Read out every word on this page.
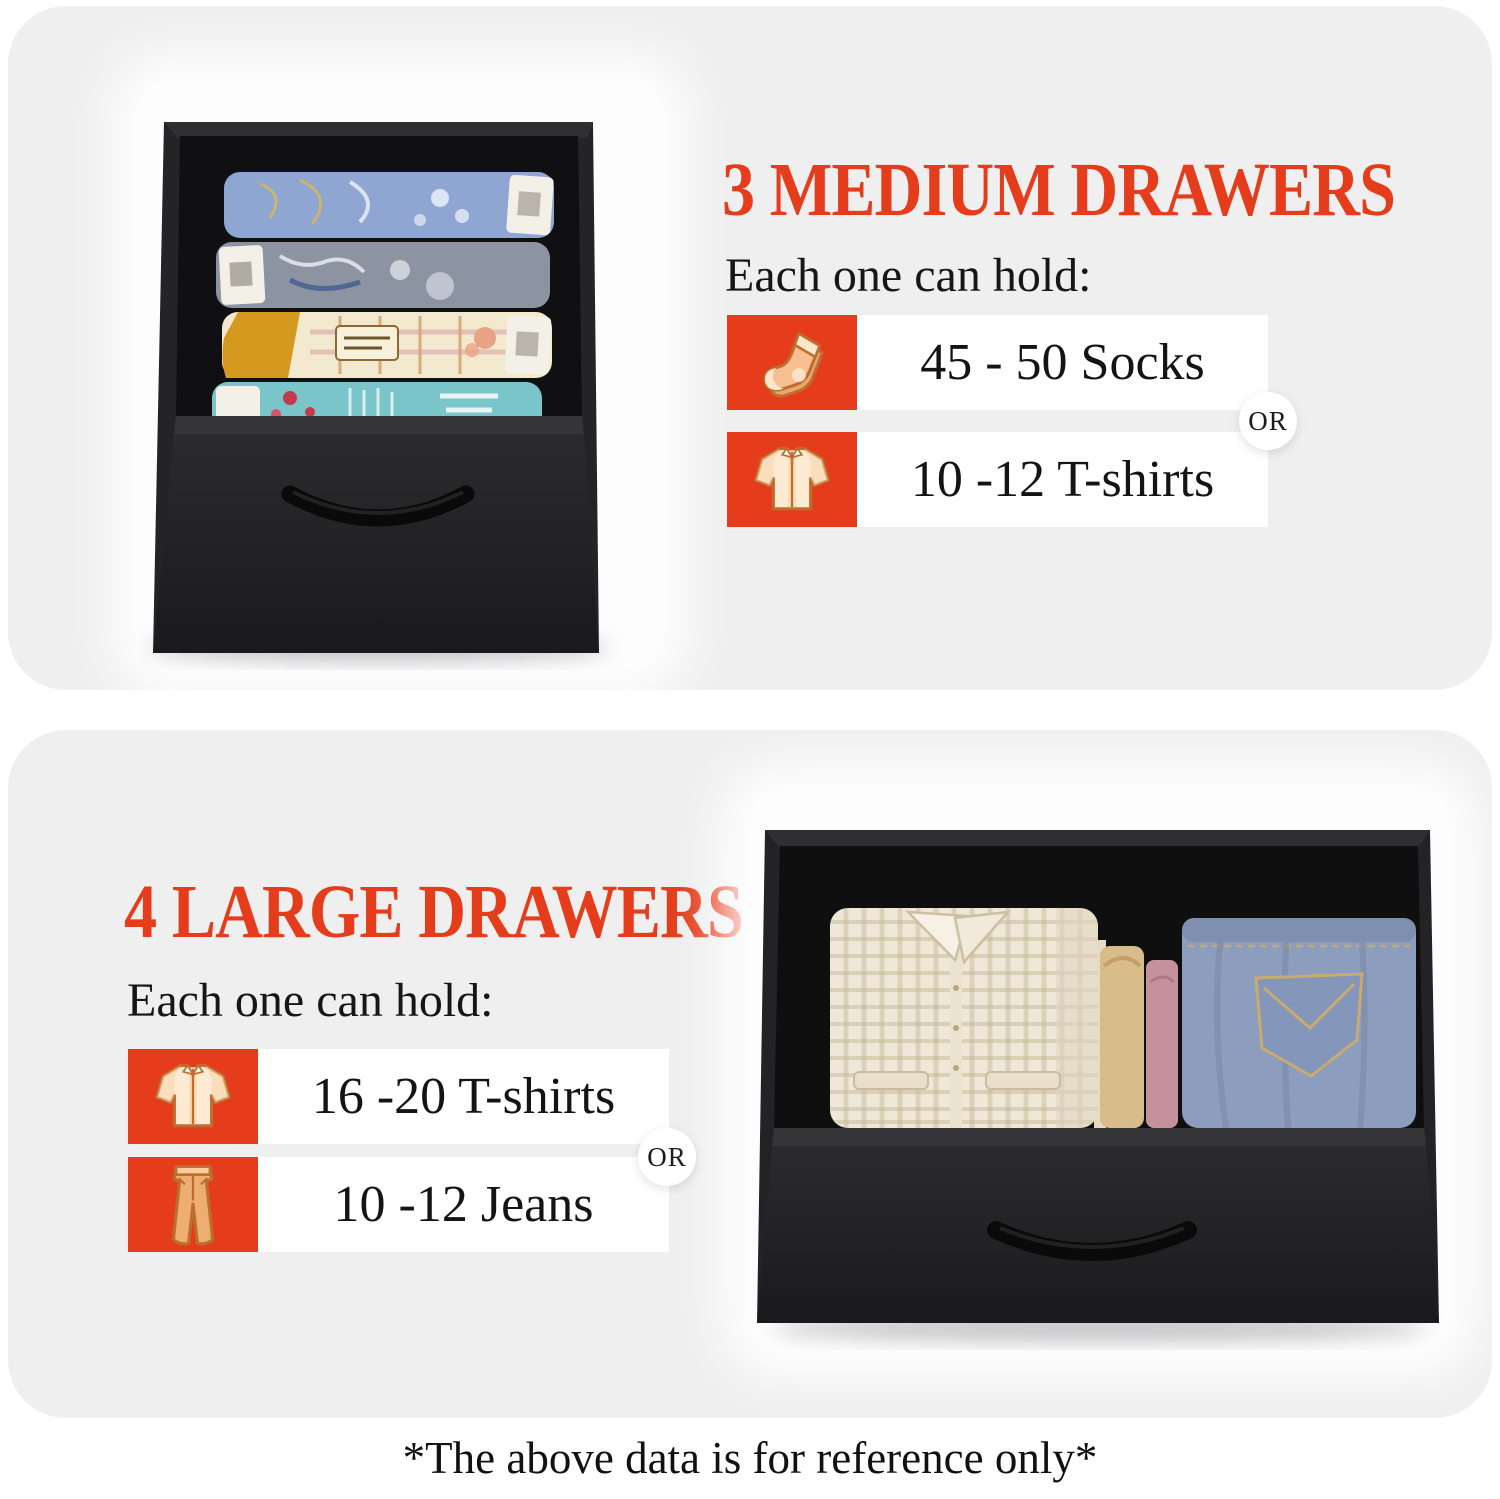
3 MEDIUM DRAWERS

Each one can hold:

45 - 50 Socks
10 -12 T-shirts
OR
4 LARGE DRAWERS

Each one can hold:

16 -20 T-shirts
10 -12 Jeans
OR

*The above data is for reference only*
